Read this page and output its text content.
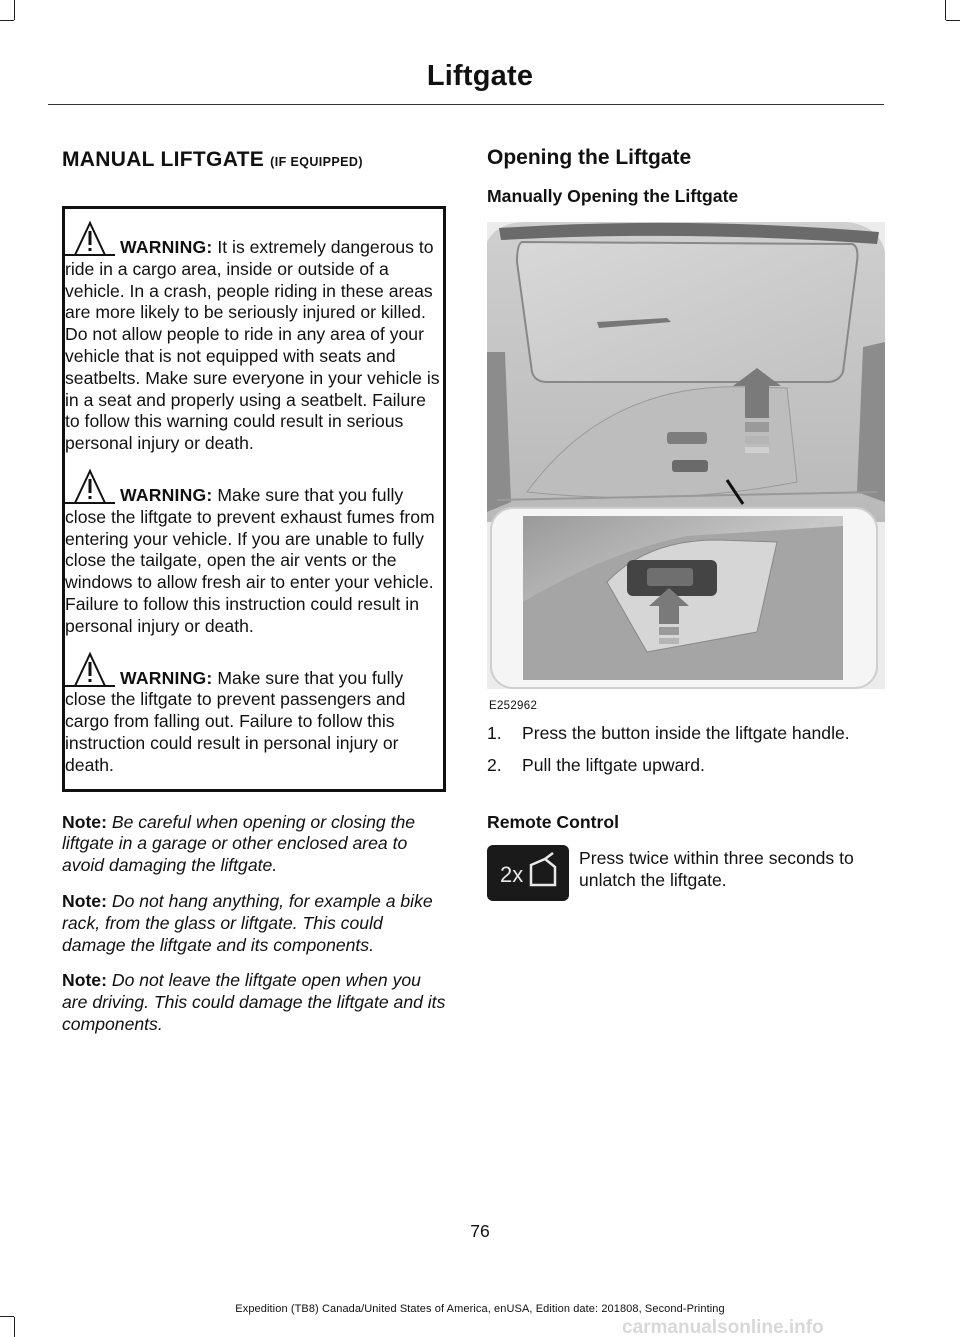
Liftgate
MANUAL LIFTGATE (IF EQUIPPED)
WARNING: It is extremely dangerous to ride in a cargo area, inside or outside of a vehicle. In a crash, people riding in these areas are more likely to be seriously injured or killed. Do not allow people to ride in any area of your vehicle that is not equipped with seats and seatbelts. Make sure everyone in your vehicle is in a seat and properly using a seatbelt. Failure to follow this warning could result in serious personal injury or death.
WARNING: Make sure that you fully close the liftgate to prevent exhaust fumes from entering your vehicle. If you are unable to fully close the tailgate, open the air vents or the windows to allow fresh air to enter your vehicle. Failure to follow this instruction could result in personal injury or death.
WARNING: Make sure that you fully close the liftgate to prevent passengers and cargo from falling out. Failure to follow this instruction could result in personal injury or death.
Note: Be careful when opening or closing the liftgate in a garage or other enclosed area to avoid damaging the liftgate.
Note: Do not hang anything, for example a bike rack, from the glass or liftgate. This could damage the liftgate and its components.
Note: Do not leave the liftgate open when you are driving. This could damage the liftgate and its components.
Opening the Liftgate
Manually Opening the Liftgate
E252962
1. Press the button inside the liftgate handle.
2. Pull the liftgate upward.
Remote Control
2x
Press twice within three seconds to unlatch the liftgate.
76
Expedition (TB8) Canada/United States of America, enUSA, Edition date: 201808, Second-Printing
carmanualsonline.info
